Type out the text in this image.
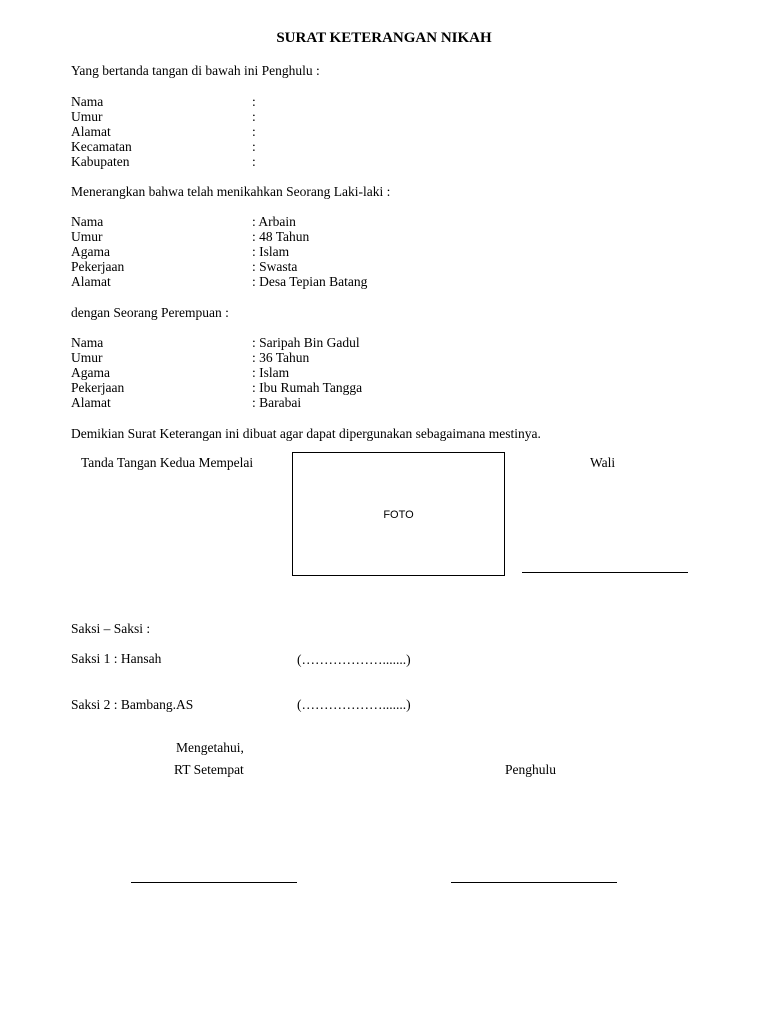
SURAT KETERANGAN NIKAH
Yang bertanda tangan di bawah ini Penghulu :
Nama	:
Umur	:
Alamat	:
Kecamatan	:
Kabupaten	:
Menerangkan bahwa telah menikahkan Seorang Laki-laki :
Nama	: Arbain
Umur	: 48 Tahun
Agama	: Islam
Pekerjaan	: Swasta
Alamat	: Desa Tepian Batang
dengan Seorang Perempuan :
Nama	: Saripah Bin Gadul
Umur	: 36 Tahun
Agama	: Islam
Pekerjaan	: Ibu Rumah Tangga
Alamat	: Barabai
Demikian Surat Keterangan ini dibuat agar dapat dipergunakan sebagaimana mestinya.
Tanda Tangan Kedua Mempelai
FOTO
Wali
Saksi – Saksi :
Saksi 1 : Hansah	(……………….......)
Saksi 2 : Bambang.AS	(……………….......)
Mengetahui,
RT Setempat	Penghulu
